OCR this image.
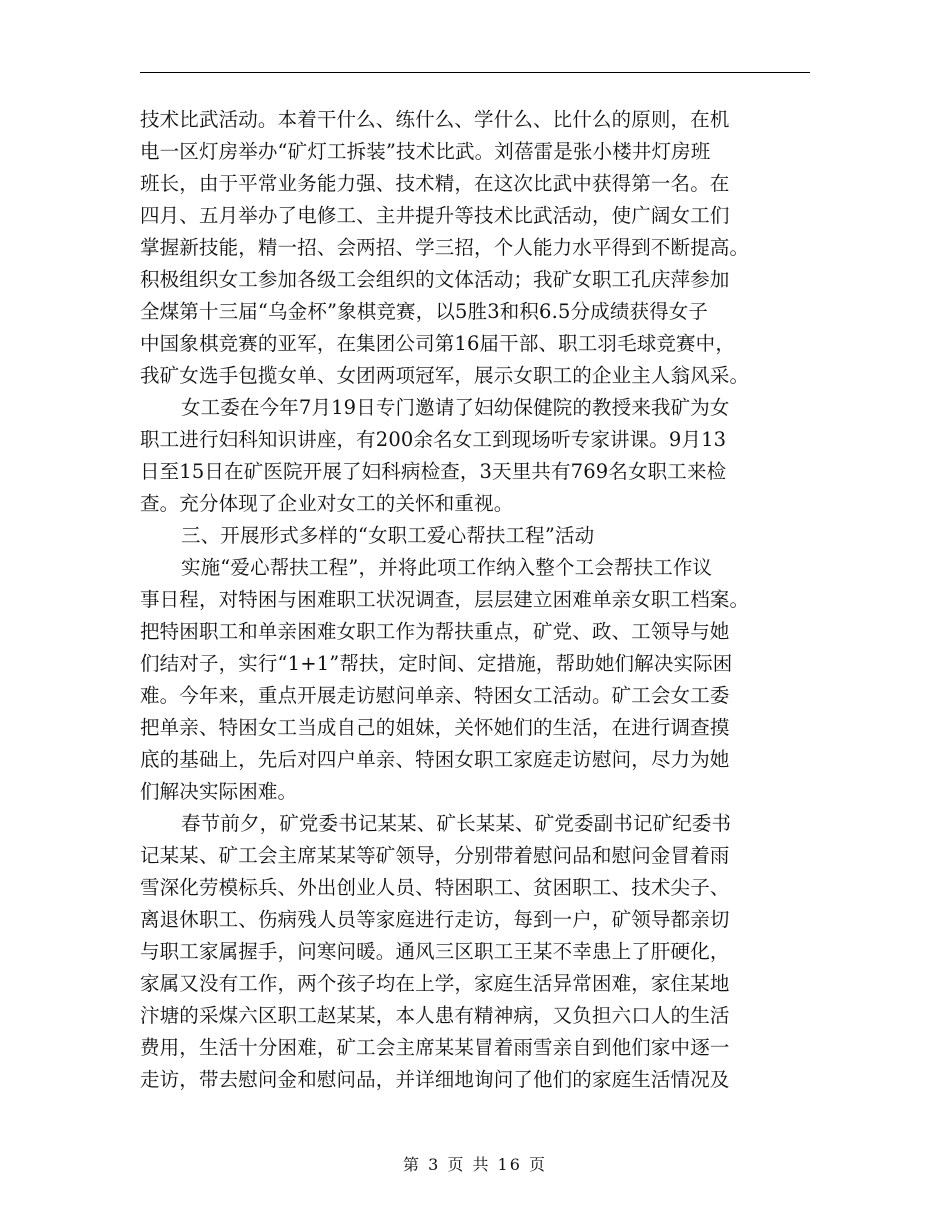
技术比武活动。本着干什么、练什么、学什么、比什么的原则，在机
电一区灯房举办“矿灯工拆装”技术比武。刘蓓雷是张小楼井灯房班
班长，由于平常业务能力强、技术精，在这次比武中获得第一名。在
四月、五月举办了电修工、主井提升等技术比武活动，使广阔女工们
掌握新技能，精一招、会两招、学三招，个人能力水平得到不断提高。
积极组织女工参加各级工会组织的文体活动；我矿女职工孔庆萍参加
全煤第十三届“乌金杯”象棋竞赛，以5胜3和积6.5分成绩获得女子
中国象棋竞赛的亚军，在集团公司第16届干部、职工羽毛球竞赛中，
我矿女选手包揽女单、女团两项冠军，展示女职工的企业主人翁风采。
女工委在今年7月19日专门邀请了妇幼保健院的教授来我矿为女
职工进行妇科知识讲座，有200余名女工到现场听专家讲课。9月13
日至15日在矿医院开展了妇科病检查，3天里共有769名女职工来检
查。充分体现了企业对女工的关怀和重视。
三、开展形式多样的“女职工爱心帮扶工程”活动
实施“爱心帮扶工程”，并将此项工作纳入整个工会帮扶工作议
事日程，对特困与困难职工状况调查，层层建立困难单亲女职工档案。
把特困职工和单亲困难女职工作为帮扶重点，矿党、政、工领导与她
们结对子，实行“1+1”帮扶，定时间、定措施，帮助她们解决实际困
难。今年来，重点开展走访慰问单亲、特困女工活动。矿工会女工委
把单亲、特困女工当成自己的姐妹，关怀她们的生活，在进行调查摸
底的基础上，先后对四户单亲、特困女职工家庭走访慰问，尽力为她
们解决实际困难。
春节前夕，矿党委书记某某、矿长某某、矿党委副书记矿纪委书
记某某、矿工会主席某某等矿领导，分别带着慰问品和慰问金冒着雨
雪深化劳模标兵、外出创业人员、特困职工、贫困职工、技术尖子、
离退休职工、伤病残人员等家庭进行走访，每到一户，矿领导都亲切
与职工家属握手，问寒问暖。通风三区职工王某不幸患上了肝硬化，
家属又没有工作，两个孩子均在上学，家庭生活异常困难，家住某地
汴塘的采煤六区职工赵某某，本人患有精神病，又负担六口人的生活
费用，生活十分困难，矿工会主席某某冒着雨雪亲自到他们家中逐一
走访，带去慰问金和慰问品，并详细地询问了他们的家庭生活情况及
第 3 页 共 16 页
